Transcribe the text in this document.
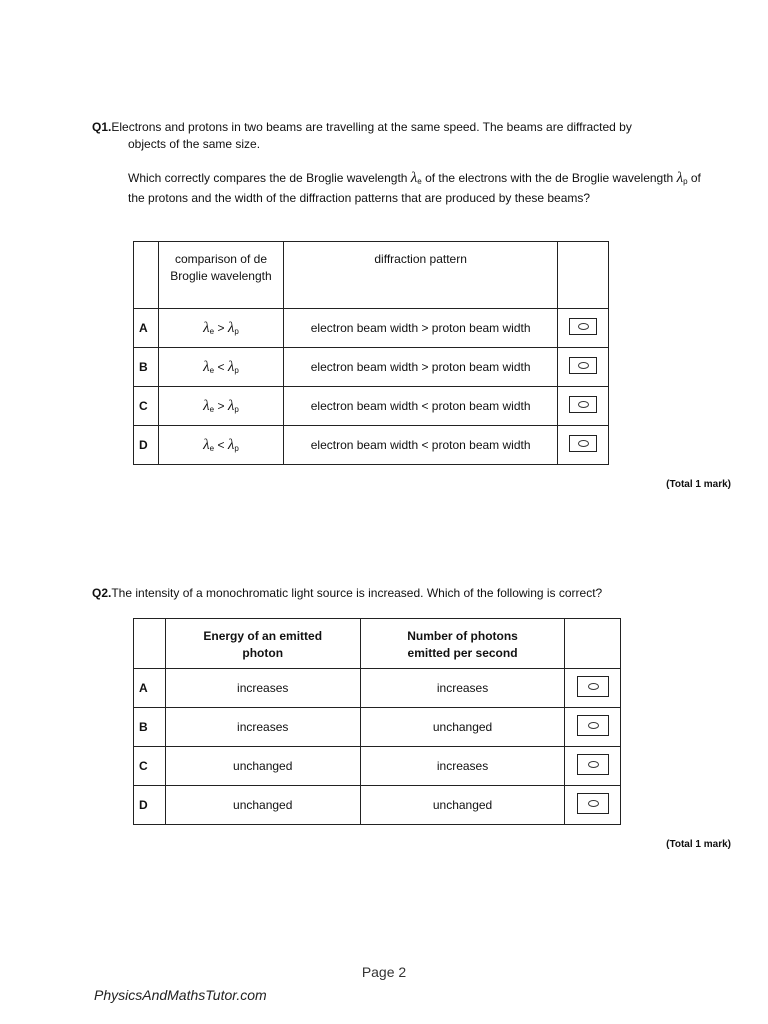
Q1.Electrons and protons in two beams are travelling at the same speed. The beams are diffracted by
objects of the same size.
Which correctly compares the de Broglie wavelength λe of the electrons with the de Broglie wavelength λp of the protons and the width of the diffraction patterns that are produced by these beams?
	comparison of de Broglie wavelength	diffraction pattern	
A	λe > λp	electron beam width > proton beam width	

B	λe < λp	electron beam width > proton beam width	

C	λe > λp	electron beam width < proton beam width	

D	λe < λp	electron beam width < proton beam width	
(Total 1 mark)
Q2.The intensity of a monochromatic light source is increased. Which of the following is correct?
	Energy of an emitted photon	Number of photons emitted per second	
A	increases	increases	

B	increases	unchanged	

C	unchanged	increases	

D	unchanged	unchanged	
(Total 1 mark)
Page 2
PhysicsAndMathsTutor.com
